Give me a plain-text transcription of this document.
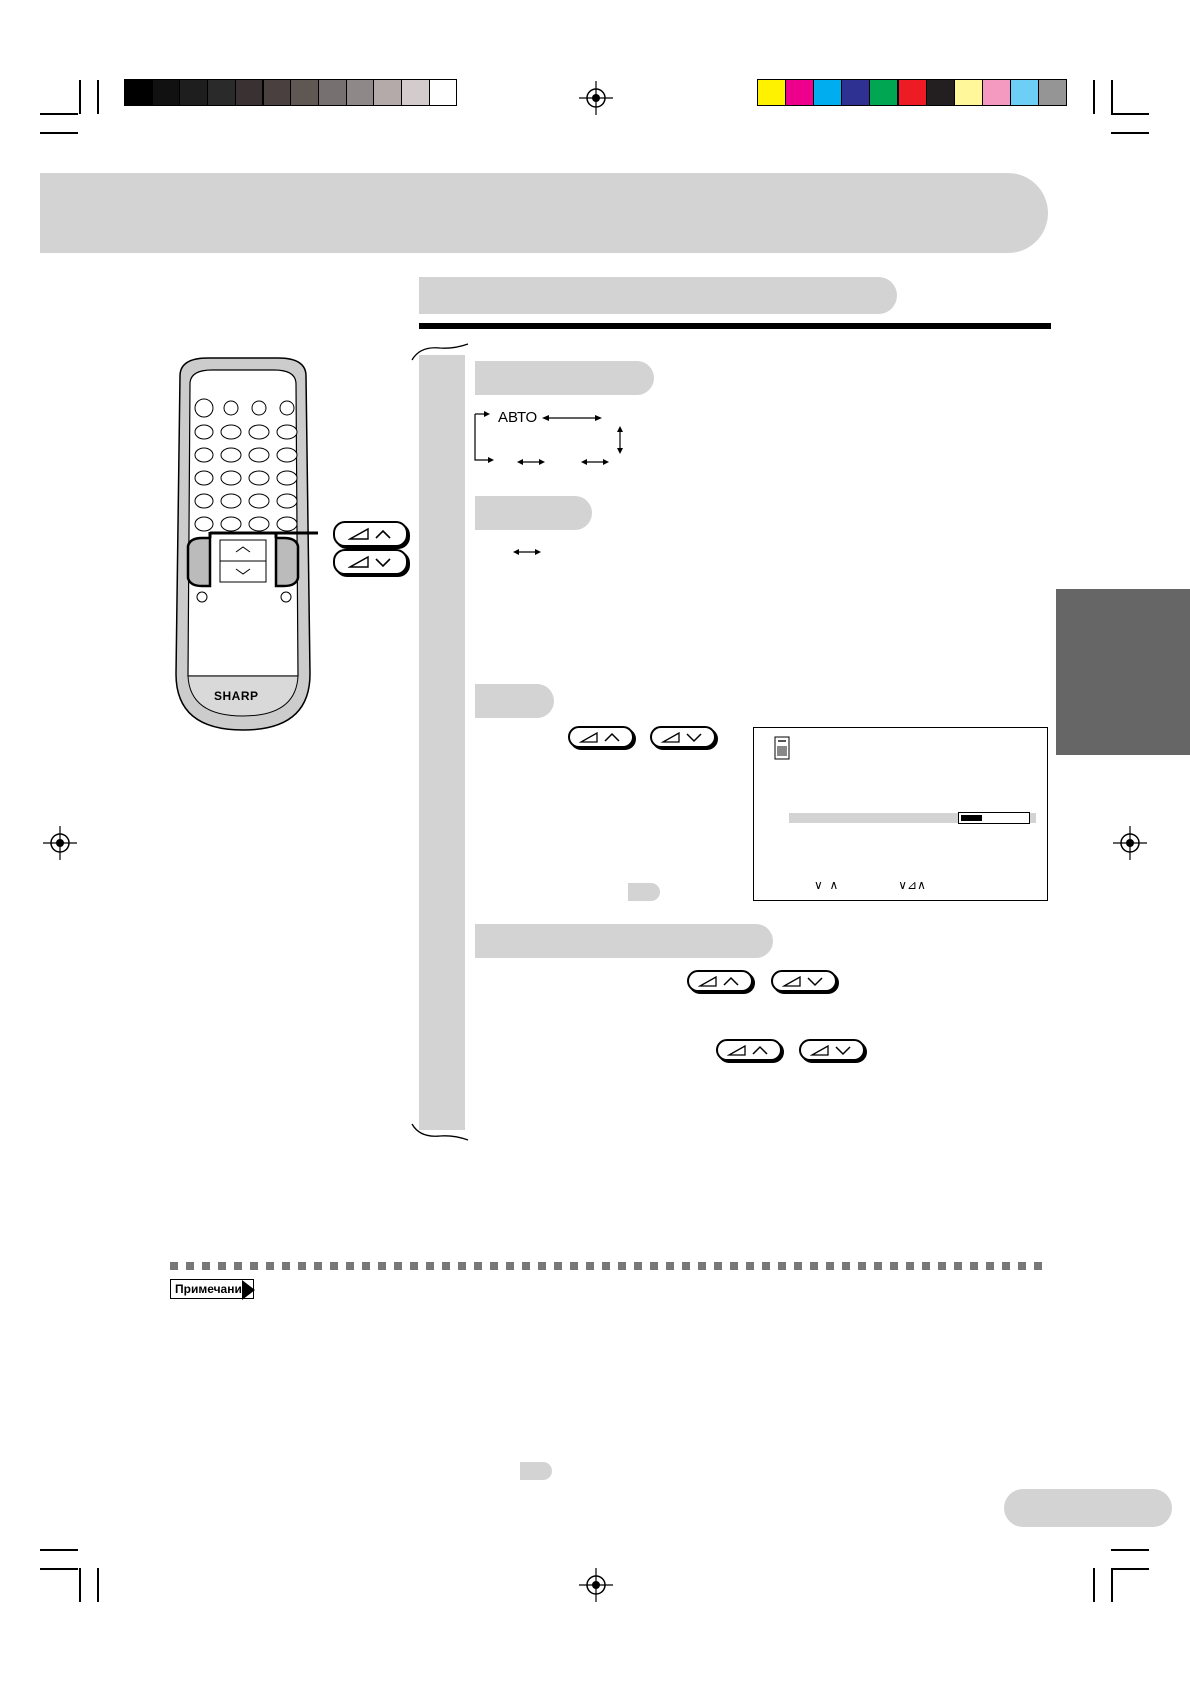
АВТО
SHARP
∨  ∧                  ∨⊿∧
Примечание
